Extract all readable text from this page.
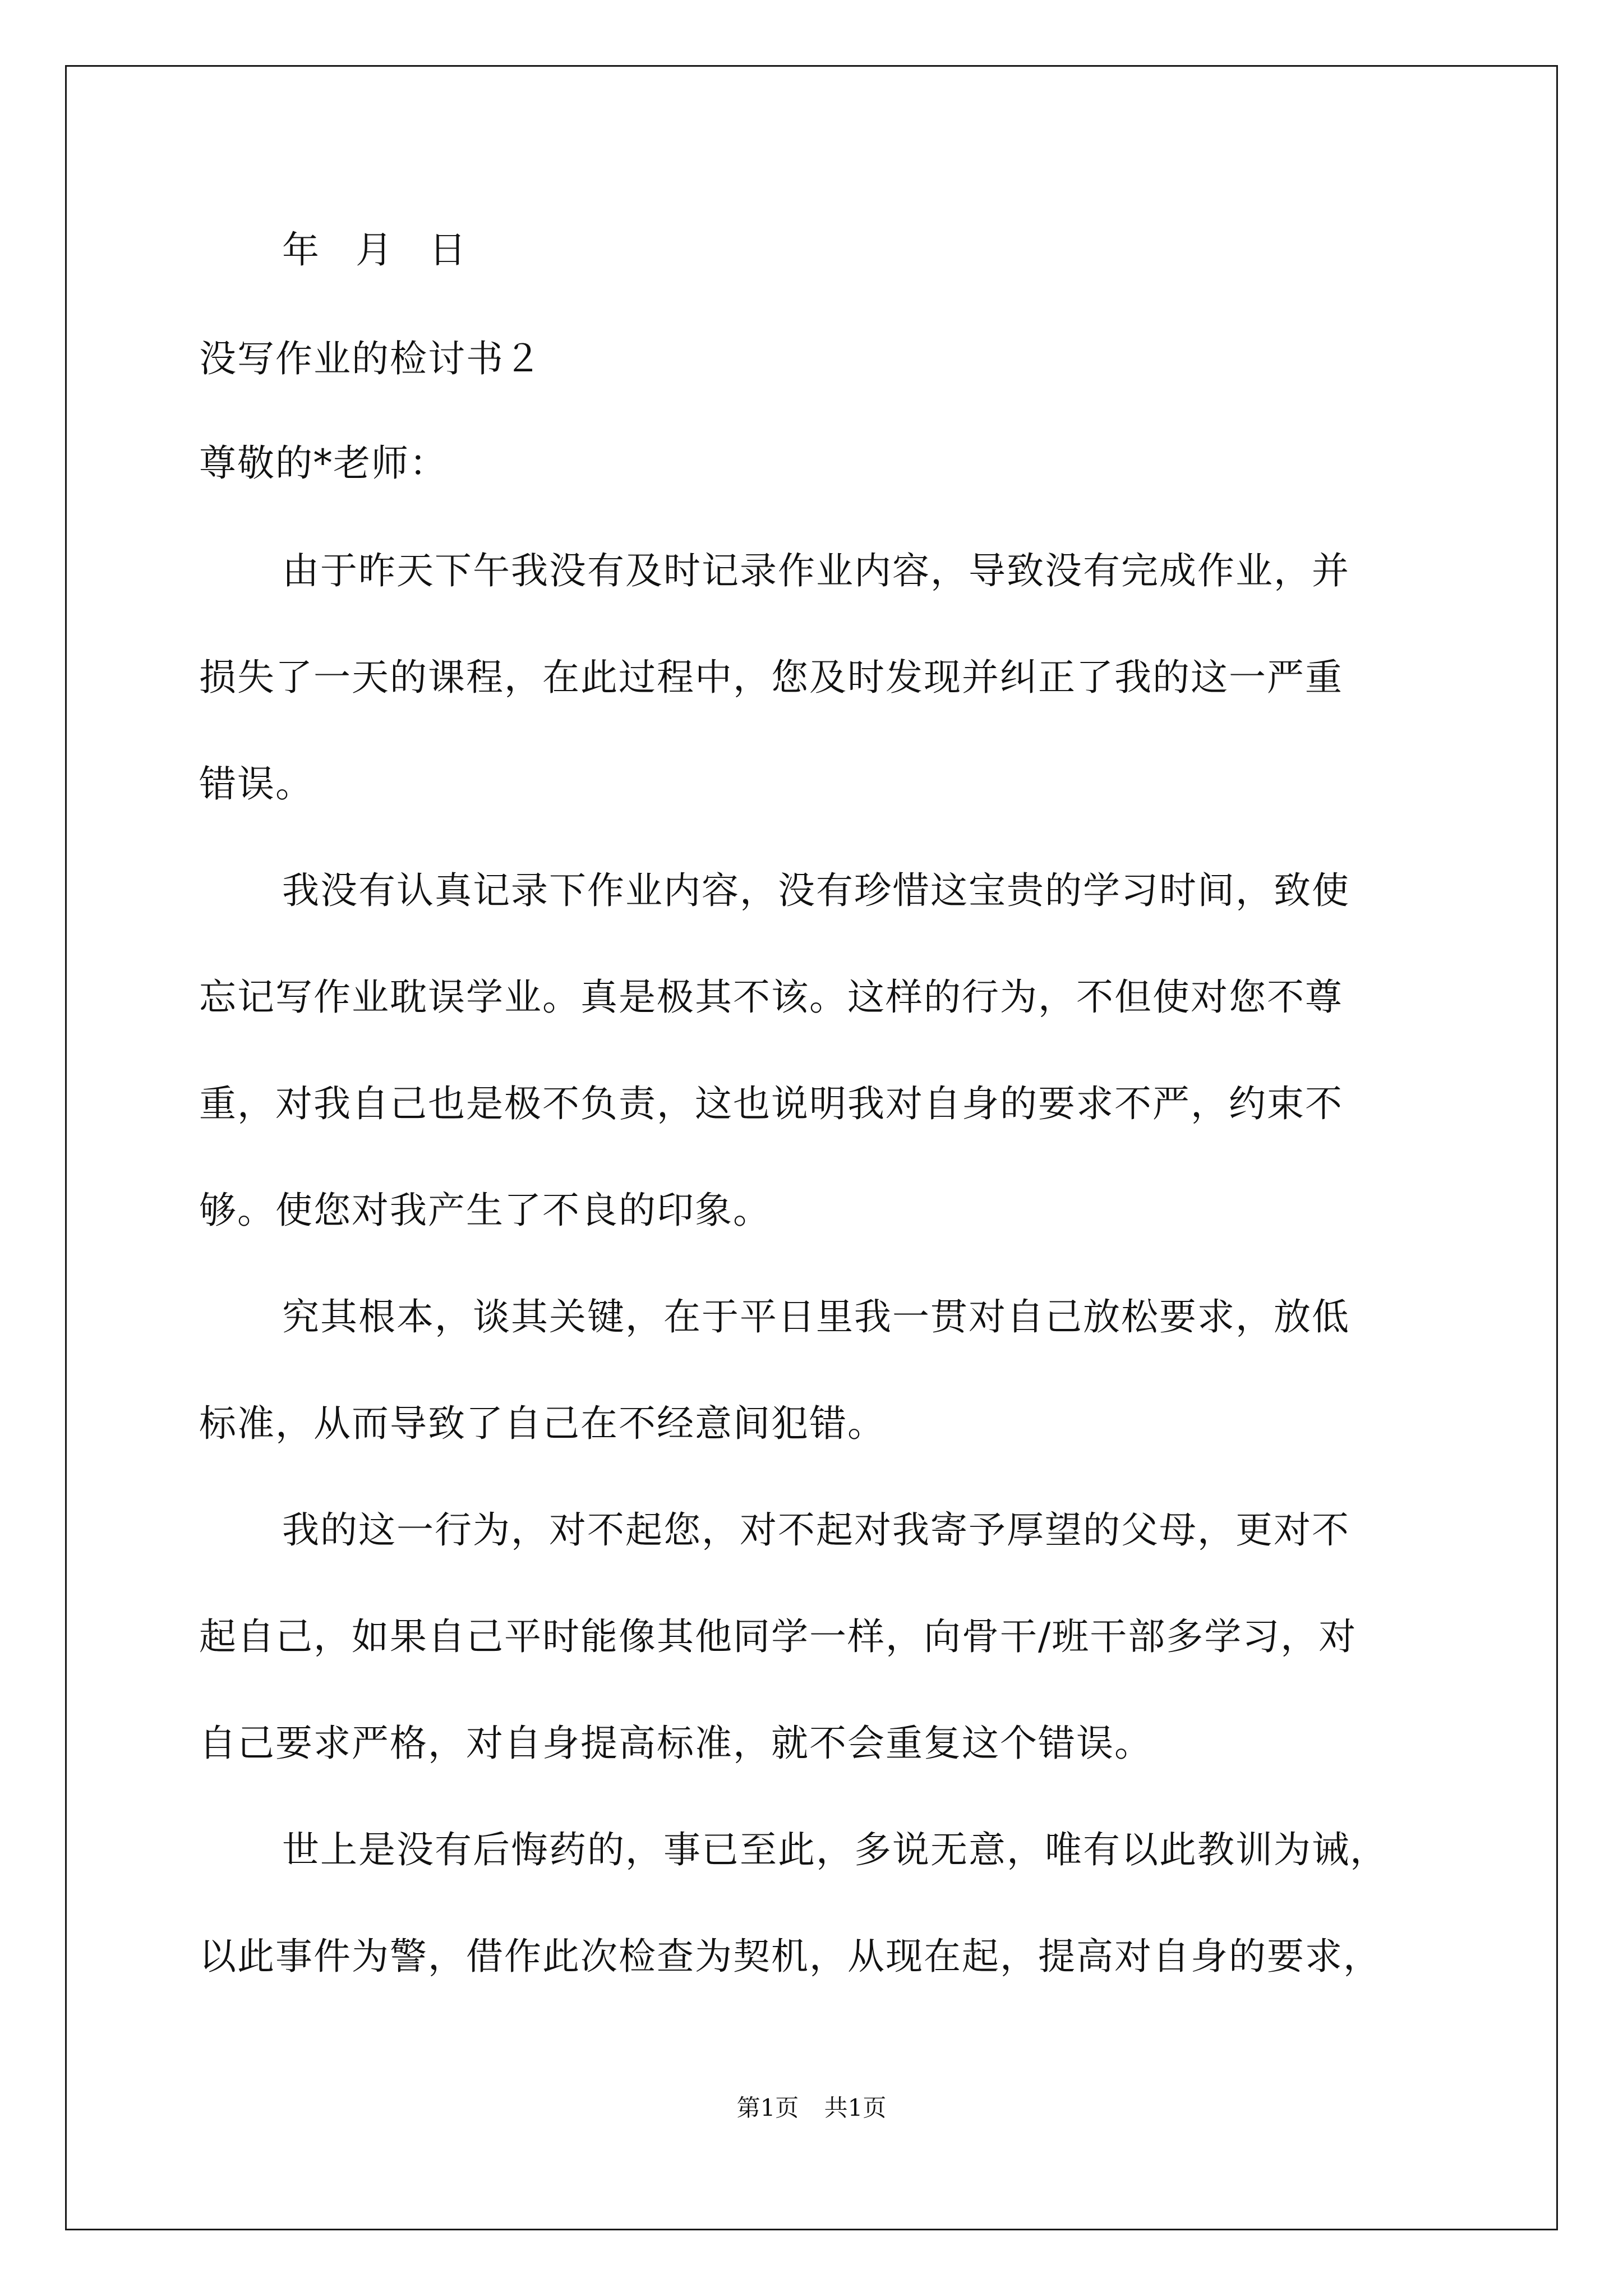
年 月 日
没写作业的检讨书２
尊敬的*老师：
由于昨天下午我没有及时记录作业内容，导致没有完成作业，并
损失了一天的课程，在此过程中，您及时发现并纠正了我的这一严重
错误。
我没有认真记录下作业内容，没有珍惜这宝贵的学习时间，致使
忘记写作业耽误学业。真是极其不该。这样的行为，不但使对您不尊
重，对我自己也是极不负责，这也说明我对自身的要求不严，约束不
够。使您对我产生了不良的印象。
究其根本，谈其关键，在于平日里我一贯对自己放松要求，放低
标准，从而导致了自己在不经意间犯错。
我的这一行为，对不起您，对不起对我寄予厚望的父母，更对不
起自己，如果自己平时能像其他同学一样，向骨干/班干部多学习，对
自己要求严格，对自身提高标准，就不会重复这个错误。
世上是没有后悔药的，事已至此，多说无意，唯有以此教训为诫，
以此事件为警，借作此次检查为契机，从现在起，提高对自身的要求，
第1页 共1页
